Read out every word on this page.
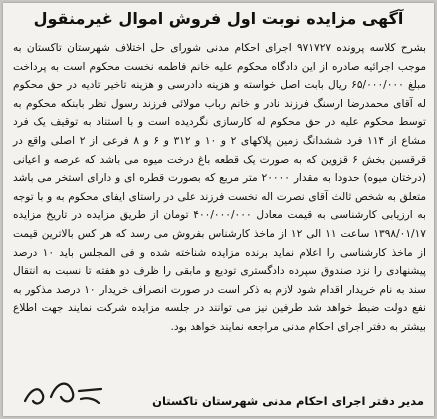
آگهی مزایده نوبت اول فروش اموال غیرمنقول

بشرح کلاسه پرونده ۹۷۱۷۲۷ اجرای احکام مدنی شورای حل اختلاف شهرستان تاکستان به موجب اجرائیه صادره از این دادگاه محکوم علیه خانم فاطمه نخست محکوم است به پرداخت مبلغ ۶۵/۰۰۰/۰۰۰ ریال بابت اصل خواسته و هزینه دادرسی و هزینه تاخیر تادیه در حق محکوم له آقای محمدرضا ارسنگ فرزند نادر و خانم رباب مولائی فرزند رسول نظر بابنکه محکوم به توسط محکوم علیه در حق محکوم له کارسازی نگردیده است و با استناد به توقیف یک فرد مشاع از ۱۱۴ فرد ششدانگ زمین پلاکهای ۲ و ۱۰ و ۳۱۲ و ۶ و ۸ فرعی از ۲ اصلی واقع در قرقسین بخش ۶ قزوین که به صورت یک قطعه باغ درخت میوه می باشد که عرصه و اعیانی (درختان میوه) حدودا به مقدار ۲۰۰۰۰ متر مربع که بصورت قطره ای و دارای استخر می باشد متعلق به شخص ثالث آقای نصرت اله نخست فرزند علی در راستای ایفای محکوم به و با توجه به ارزیابی کارشناسی به قیمت معادل ۴۰۰/۰۰۰/۰۰۰ تومان از طریق مزایده در تاریخ مزایده ۱۳۹۸/۰۱/۱۷ ساعت ۱۱ الی ۱۲ از ماخذ کارشناس بفروش می رسد که هر کس بالاترین قیمت از ماخذ کارشناسی را اعلام نماید برنده مزایده شناخته شده و فی المجلس باید ۱۰ درصد پیشنهادی را نزد صندوق سپرده دادگستری تودیع و مابقی را ظرف دو هفته تا نسبت به انتقال سند به نام خریدار اقدام شود لازم به ذکر است در صورت انصراف خریدار ۱۰ درصد مذکور به نفع دولت ضبط خواهد شد طرفین نیز می توانند در جلسه مزایده شرکت نمایند جهت اطلاع بیشتر به دفتر اجرای احکام مدنی مراجعه نمایند خواهد بود.

مدیر دفتر اجرای احکام مدنی شهرستان تاکستان
